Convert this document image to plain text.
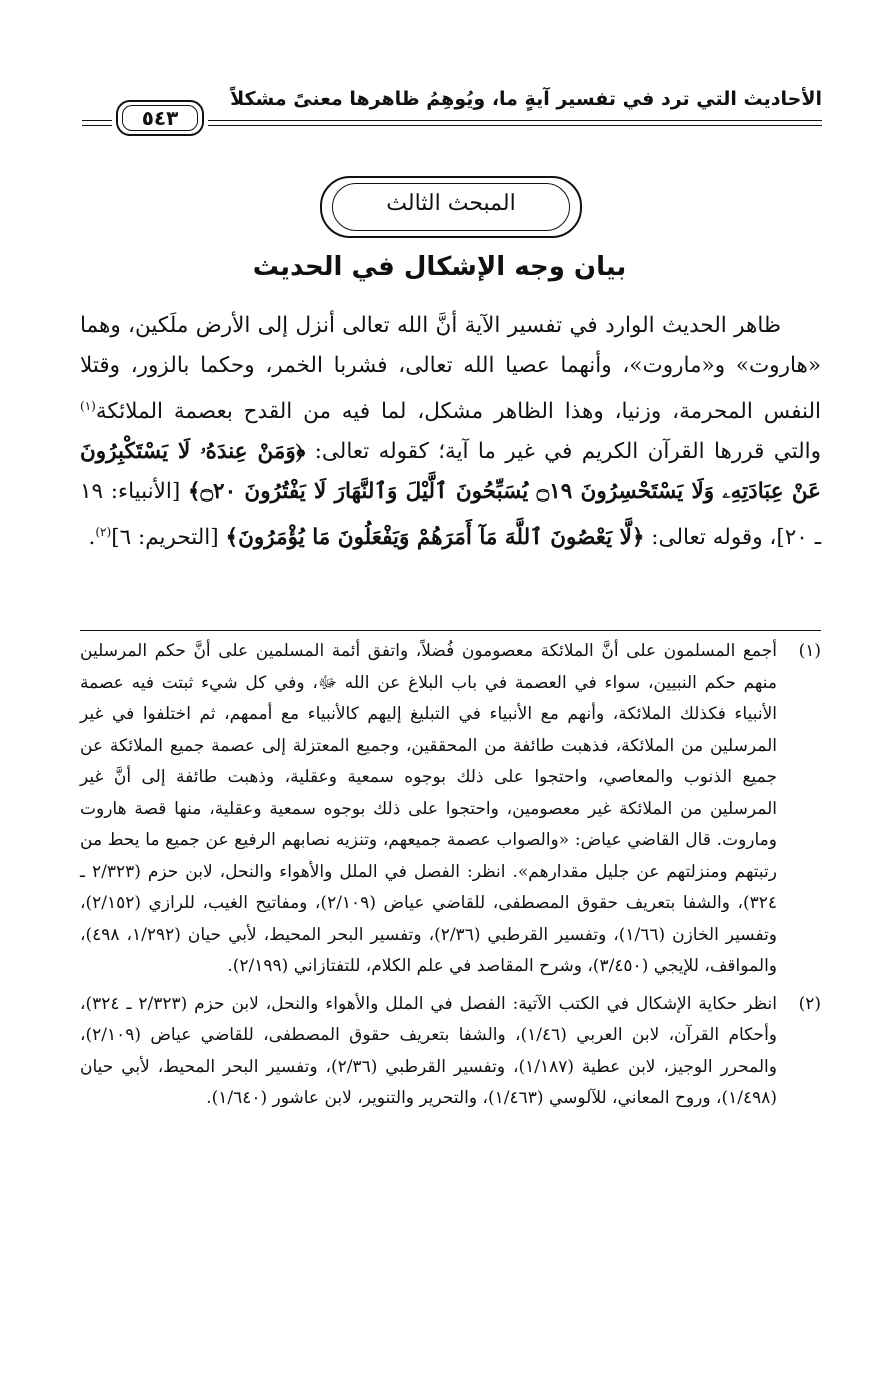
الأحاديث التي ترد في تفسير آيةٍ ما، ويُوهِمُ ظاهرها معنىً مشكلاً
٥٤٣
المبحث الثالث
بيان وجه الإشكال في الحديث

ظاهر الحديث الوارد في تفسير الآية أنَّ الله تعالى أنزل إلى الأرض ملَكين، وهما «هاروت» و«ماروت»، وأنهما عصيا الله تعالى، فشربا الخمر، وحكما بالزور، وقتلا النفس المحرمة، وزنيا، وهذا الظاهر مشكل، لما فيه من القدح بعصمة الملائكة$^{(١)}$ والتي قررها القرآن الكريم في غير ما آية؛ كقوله تعالى: ﴿وَمَنْ عِندَهُۥ لَا يَسْتَكْبِرُونَ عَنْ عِبَادَتِهِۦ وَلَا يَسْتَحْسِرُونَ ۝١٩ يُسَبِّحُونَ ٱلَّيْلَ وَٱلنَّهَارَ لَا يَفْتُرُونَ ۝٢٠﴾ [الأنبياء: ١٩ ـ ٢٠]، وقوله تعالى: ﴿لَّا يَعْصُونَ ٱللَّهَ مَآ أَمَرَهُمْ وَيَفْعَلُونَ مَا يُؤْمَرُونَ﴾ [التحريم: ٦]$^{(٢)}$.

(١)
أجمع المسلمون على أنَّ الملائكة معصومون فُضلاً، واتفق أئمة المسلمين على أنَّ حكم المرسلين منهم حكم النبيين، سواء في العصمة في باب البلاغ عن الله ﷻ، وفي كل شيء ثبتت فيه عصمة الأنبياء فكذلك الملائكة، وأنهم مع الأنبياء في التبليغ إليهم كالأنبياء مع أممهم، ثم اختلفوا في غير المرسلين من الملائكة، فذهبت طائفة من المحققين، وجميع المعتزلة إلى عصمة جميع الملائكة عن جميع الذنوب والمعاصي، واحتجوا على ذلك بوجوه سمعية وعقلية، وذهبت طائفة إلى أنَّ غير المرسلين من الملائكة غير معصومين، واحتجوا على ذلك بوجوه سمعية وعقلية، منها قصة هاروت وماروت. قال القاضي عياض: «والصواب عصمة جميعهم، وتنزيه نصابهم الرفيع عن جميع ما يحط من رتبتهم ومنزلتهم عن جليل مقدارهم». انظر: الفصل في الملل والأهواء والنحل، لابن حزم (٢/٣٢٣ ـ ٣٢٤)، والشفا بتعريف حقوق المصطفى، للقاضي عياض (٢/١٠٩)، ومفاتيح الغيب، للرازي (٢/١٥٢)، وتفسير الخازن (١/٦٦)، وتفسير القرطبي (٢/٣٦)، وتفسير البحر المحيط، لأبي حيان (١/٢٩٢، ٤٩٨)، والمواقف، للإيجي (٣/٤٥٠)، وشرح المقاصد في علم الكلام، للتفتازاني (٢/١٩٩).
(٢)
انظر حكاية الإشكال في الكتب الآتية: الفصل في الملل والأهواء والنحل، لابن حزم (٢/٣٢٣ ـ ٣٢٤)، وأحكام القرآن، لابن العربي (١/٤٦)، والشفا بتعريف حقوق المصطفى، للقاضي عياض (٢/١٠٩)، والمحرر الوجيز، لابن عطية (١/١٨٧)، وتفسير القرطبي (٢/٣٦)، وتفسير البحر المحيط، لأبي حيان (١/٤٩٨)، وروح المعاني، للآلوسي (١/٤٦٣)، والتحرير والتنوير، لابن عاشور (١/٦٤٠).
